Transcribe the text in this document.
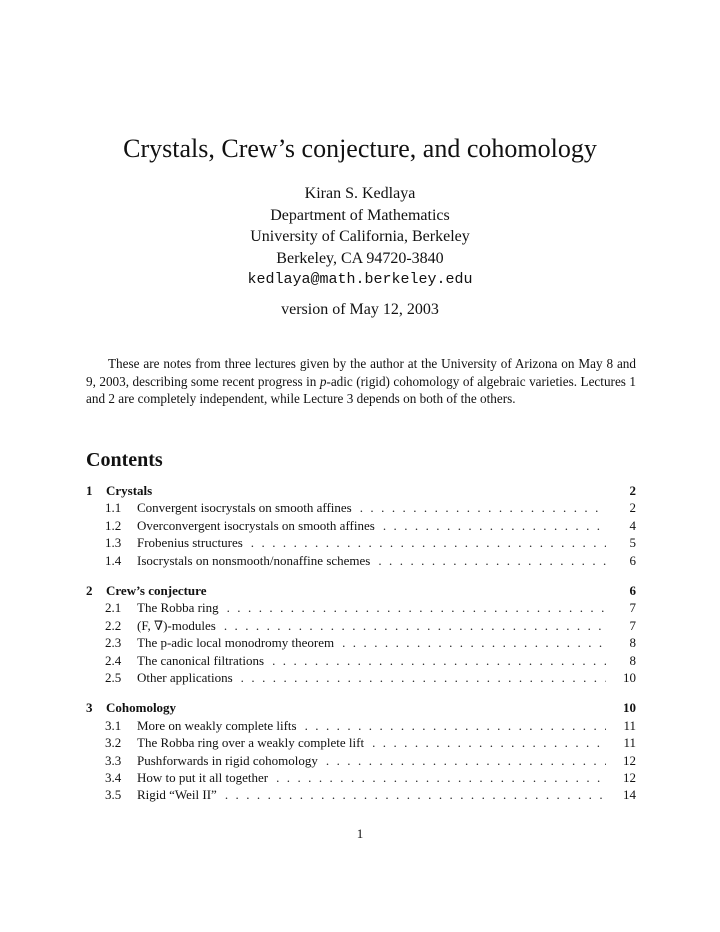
Crystals, Crew’s conjecture, and cohomology
Kiran S. Kedlaya
Department of Mathematics
University of California, Berkeley
Berkeley, CA 94720-3840
kedlaya@math.berkeley.edu
version of May 12, 2003

These are notes from three lectures given by the author at the University of Arizona on May 8 and 9, 2003, describing some recent progress in p-adic (rigid) cohomology of algebraic varieties. Lectures 1 and 2 are completely independent, while Lecture 3 depends on both of the others.

Contents
1	Crystals	2
1.1	Convergent isocrystals on smooth affines . . .	2
1.2	Overconvergent isocrystals on smooth affines . . .	4
1.3	Frobenius structures . . .	5
1.4	Isocrystals on nonsmooth/nonaffine schemes . . .	6
2	Crew’s conjecture	6
2.1	The Robba ring . . .	7
2.2	(F, ∇)-modules . . .	7
2.3	The p-adic local monodromy theorem . . .	8
2.4	The canonical filtrations . . .	8
2.5	Other applications . . .	10
3	Cohomology	10
3.1	More on weakly complete lifts . . .	11
3.2	The Robba ring over a weakly complete lift . . .	11
3.3	Pushforwards in rigid cohomology . . .	12
3.4	How to put it all together . . .	12
3.5	Rigid “Weil II” . . .	14
1
